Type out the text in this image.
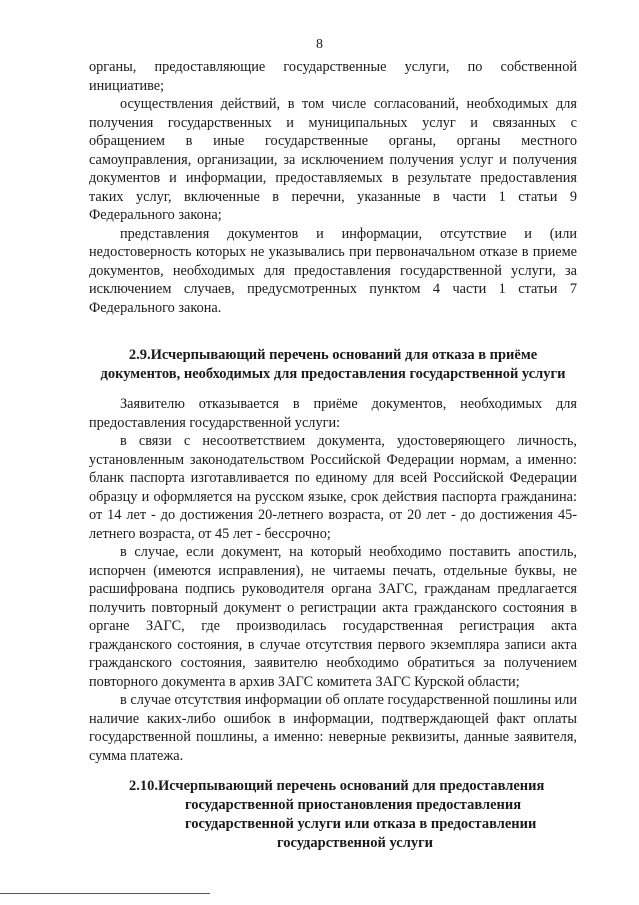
8

органы, предоставляющие государственные услуги, по собственной инициативе;

осуществления действий, в том числе согласований, необходимых для получения государственных и муниципальных услуг и связанных с обращением в иные государственные органы, органы местного самоуправления, организации, за исключением получения услуг и получения документов и информации, предоставляемых в результате предоставления таких услуг, включенные в перечни, указанные в части 1 статьи 9 Федерального закона;

представления документов и информации, отсутствие и (или недостоверность которых не указывались при первоначальном отказе в приеме документов, необходимых для предоставления государственной услуги, за исключением случаев, предусмотренных пунктом 4 части 1 статьи 7 Федерального закона.

2.9.Исчерпывающий перечень оснований для отказа в приёме документов, необходимых для предоставления государственной услуги

Заявителю отказывается в приёме документов, необходимых для предоставления государственной услуги:

в связи с несоответствием документа, удостоверяющего личность, установленным законодательством Российской Федерации нормам, а именно: бланк паспорта изготавливается по единому для всей Российской Федерации образцу и оформляется на русском языке, срок действия паспорта гражданина: от 14 лет - до достижения 20-летнего возраста, от 20 лет - до достижения 45-летнего возраста, от 45 лет - бессрочно;

в случае, если документ, на который необходимо поставить апостиль, испорчен (имеются исправления), не читаемы печать, отдельные буквы, не расшифрована подпись руководителя органа ЗАГС, гражданам предлагается получить повторный документ о регистрации акта гражданского состояния в органе ЗАГС, где производилась государственная регистрация акта гражданского состояния, в случае отсутствия первого экземпляра записи акта гражданского состояния, заявителю необходимо обратиться за получением повторного документа в архив ЗАГС комитета ЗАГС Курской области;

в случае отсутствия информации об оплате государственной пошлины или наличие каких-либо ошибок в информации, подтверждающей факт оплаты государственной пошлины, а именно: неверные реквизиты, данные заявителя, сумма платежа.

2.10.Исчерпывающий перечень оснований для предоставления
государственной приостановления предоставления
государственной услуги или отказа в предоставлении
государственной услуги
